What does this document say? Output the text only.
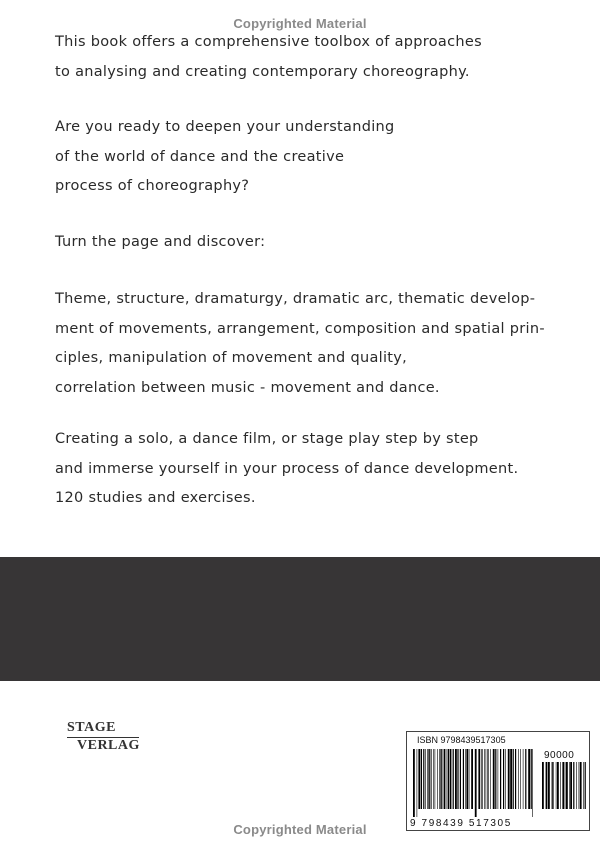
Copyrighted Material
This book offers a comprehensive toolbox of approaches
to analysing and creating contemporary choreography.
Are you ready to deepen your understanding
of the world of dance and the creative
process of choreography?
Turn the page and discover:
Theme, structure, dramaturgy, dramatic arc, thematic develop-
ment of movements, arrangement, composition and spatial prin-
ciples, manipulation of movement and quality,
correlation between music - movement and dance.
Creating a solo, a dance film, or stage play step by step
and immerse yourself in your process of dance development.
120 studies and exercises.
STAGE
VERLAG	ISBN 9798439517305
90000
9 798439 517305
Copyrighted Material
